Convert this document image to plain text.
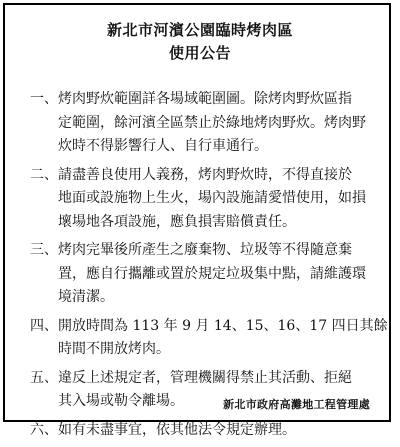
新北市河濱公園臨時烤肉區
使用公告
一、 烤肉野炊範圍詳各場域範圍圖。除烤肉野炊區指
定範圍，餘河濱全區禁止於綠地烤肉野炊。烤肉野
炊時不得影響行人、自行車通行。
二、 請盡善良使用人義務，烤肉野炊時，不得直接於
地面或設施物上生火，場內設施請愛惜使用，如損
壞場地各項設施，應負損害賠償責任。
三、 烤肉完畢後所產生之廢棄物、垃圾等不得隨意棄
置，應自行攜離或置於規定垃圾集中點，請維護環
境清潔。
四、 開放時間為 113 年 9 月 14、15、16、17 四日其餘
時間不開放烤肉。
五、 違反上述規定者，管理機關得禁止其活動、拒絕
其入場或勒令離場。
六、 如有未盡事宜，依其他法令規定辦理。
新北市政府高灘地工程管理處
